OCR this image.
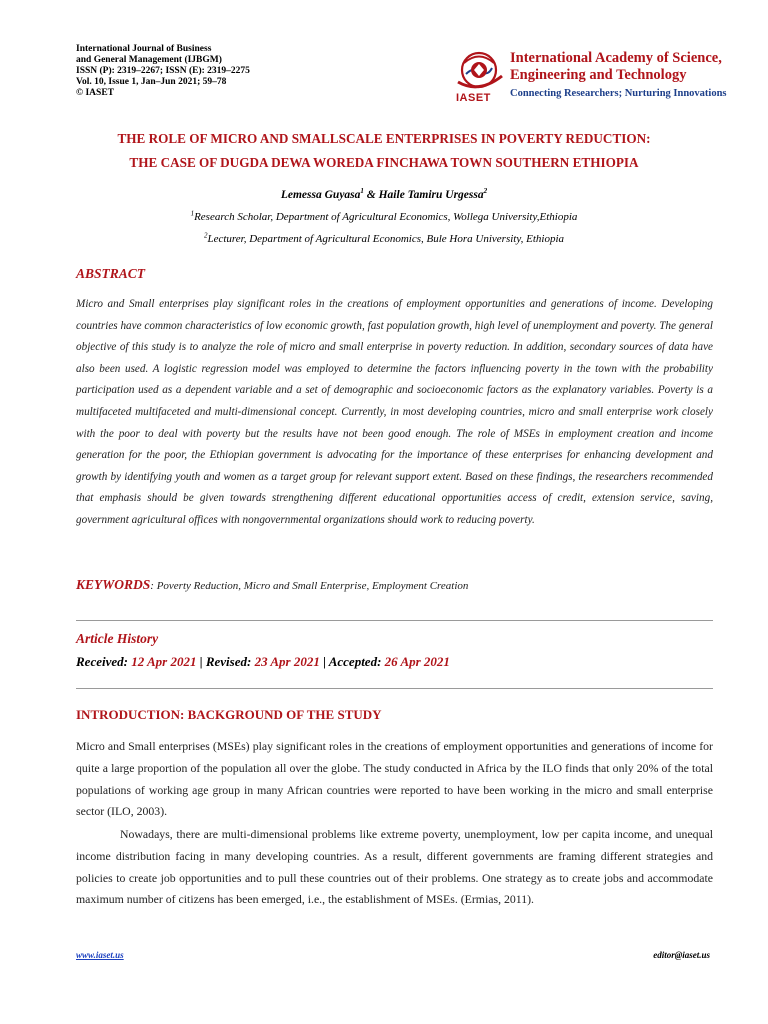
International Journal of Business
and General Management (IJBGM)
ISSN (P): 2319–2267; ISSN (E): 2319–2275
Vol. 10, Issue 1, Jan–Jun 2021; 59–78
© IASET	IASET
International Academy of Science,
Engineering and Technology
Connecting Researchers; Nurturing Innovations
THE ROLE OF MICRO AND SMALLSCALE ENTERPRISES IN POVERTY REDUCTION:
THE CASE OF DUGDA DEWA WOREDA FINCHAWA TOWN SOUTHERN ETHIOPIA
Lemessa Guyasa$^1$ & Haile Tamiru Urgessa$^2$
$^1$Research Scholar, Department of Agricultural Economics, Wollega University,Ethiopia
$^2$Lecturer, Department of Agricultural Economics, Bule Hora University, Ethiopia
ABSTRACT
Micro and Small enterprises play significant roles in the creations of employment opportunities and generations of income. Developing countries have common characteristics of low economic growth, fast population growth, high level of unemployment and poverty. The general objective of this study is to analyze the role of micro and small enterprise in poverty reduction. In addition, secondary sources of data have also been used. A logistic regression model was employed to determine the factors influencing poverty in the town with the probability participation used as a dependent variable and a set of demographic and socioeconomic factors as the explanatory variables. Poverty is a multifaceted multifaceted and multi-dimensional concept. Currently, in most developing countries, micro and small enterprise work closely with the poor to deal with poverty but the results have not been good enough. The role of MSEs in employment creation and income generation for the poor, the Ethiopian government is advocating for the importance of these enterprises for enhancing development and growth by identifying youth and women as a target group for relevant support extent. Based on these findings, the researchers recommended that emphasis should be given towards strengthening different educational opportunities access of credit, extension service, saving, government agricultural offices with nongovernmental organizations should work to reducing poverty.
KEYWORDS: Poverty Reduction, Micro and Small Enterprise, Employment Creation
Article History
Received: 12 Apr 2021 | Revised: 23 Apr 2021 | Accepted: 26 Apr 2021
INTRODUCTION: BACKGROUND OF THE STUDY

Micro and Small enterprises (MSEs) play significant roles in the creations of employment opportunities and generations of income for quite a large proportion of the population all over the globe. The study conducted in Africa by the ILO finds that only 20% of the total populations of working age group in many African countries were reported to have been working in the micro and small enterprise sector (ILO, 2003).

Nowadays, there are multi-dimensional problems like extreme poverty, unemployment, low per capita income, and unequal income distribution facing in many developing countries. As a result, different governments are framing different strategies and policies to create job opportunities and to pull these countries out of their problems. One strategy as to create jobs and accommodate maximum number of citizens has been emerged, i.e., the establishment of MSEs. (Ermias, 2011).

www.iaset.us	editor@iaset.us
